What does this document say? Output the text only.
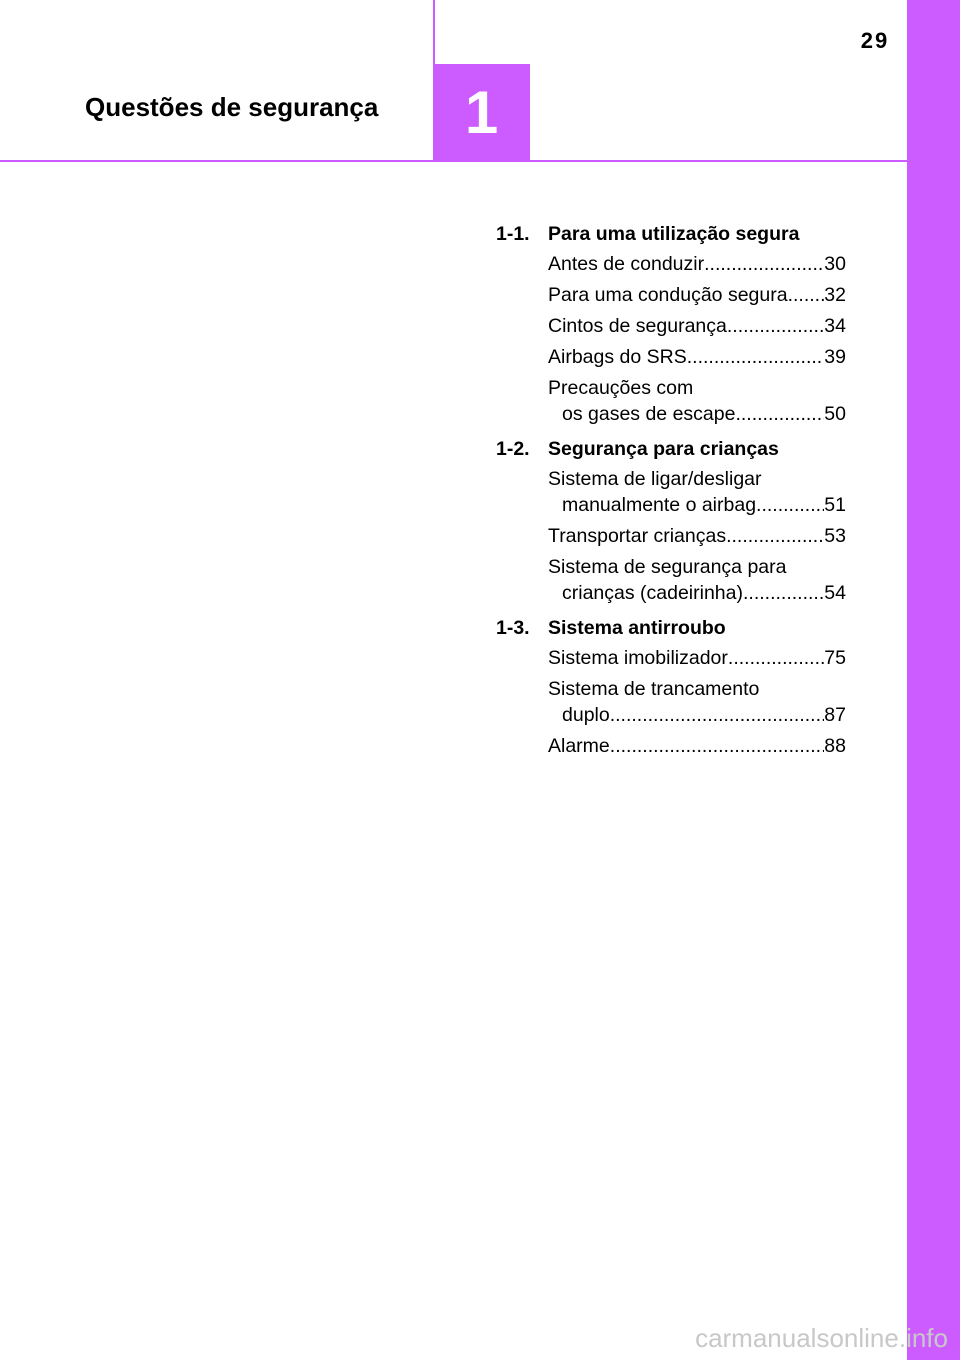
29
Questões de segurança 1
1-1. Para uma utilização segura
Antes de conduzir .....	30
Para uma condução segura ..... 32
Cintos de segurança .....	34
Airbags do SRS .....	39
Precauções com
os gases de escape .....	50
1-2. Segurança para crianças
Sistema de ligar/desligar
manualmente o airbag .....	51
Transportar crianças .....	53
Sistema de segurança para
crianças (cadeirinha) .....	54
1-3. Sistema antirroubo
Sistema imobilizador .....	75
Sistema de trancamento
duplo .....	87
Alarme .....	88
carmanualsonline.info
